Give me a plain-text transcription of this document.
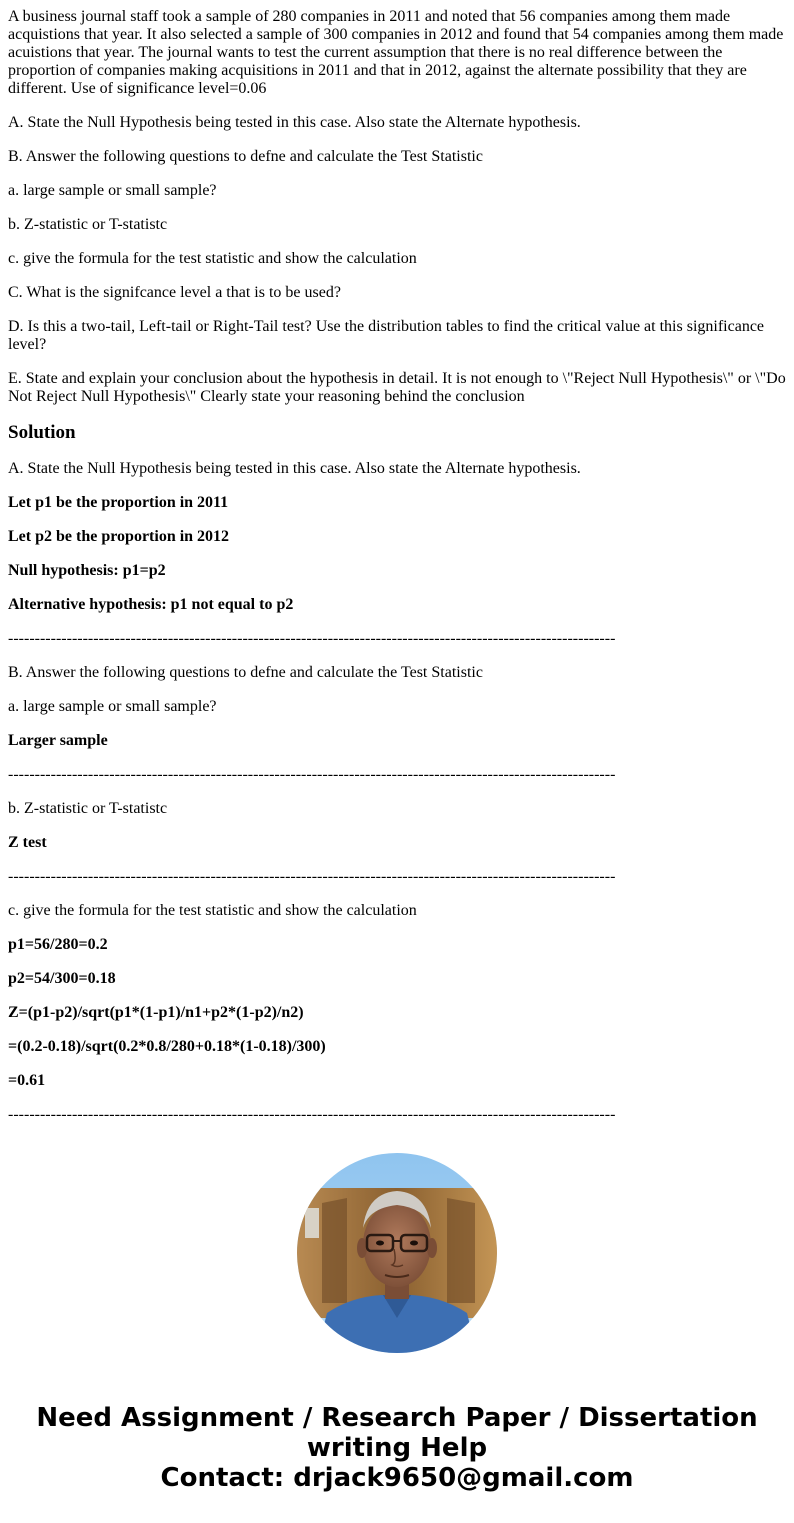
A business journal staff took a sample of 280 companies in 2011 and noted that 56 companies among them made acquistions that year. It also selected a sample of 300 companies in 2012 and found that 54 companies among them made acuistions that year. The journal wants to test the current assumption that there is no real difference between the proportion of companies making acquisitions in 2011 and that in 2012, against the alternate possibility that they are different. Use of significance level=0.06

A. State the Null Hypothesis being tested in this case. Also state the Alternate hypothesis.

B. Answer the following questions to defne and calculate the Test Statistic

a. large sample or small sample?

b. Z-statistic or T-statistc

c. give the formula for the test statistic and show the calculation

C. What is the signifcance level a that is to be used?

D. Is this a two-tail, Left-tail or Right-Tail test? Use the distribution tables to find the critical value at this significance level?

E. State and explain your conclusion about the hypothesis in detail. It is not enough to \"Reject Null Hypothesis\" or \"Do Not Reject Null Hypothesis\" Clearly state your reasoning behind the conclusion

Solution

A. State the Null Hypothesis being tested in this case. Also state the Alternate hypothesis.

Let p1 be the proportion in 2011

Let p2 be the proportion in 2012

Null hypothesis: p1=p2

Alternative hypothesis: p1 not equal to p2

------------------------------------------------------------------------------------------------------------------

B. Answer the following questions to defne and calculate the Test Statistic

a. large sample or small sample?

Larger sample

------------------------------------------------------------------------------------------------------------------

b. Z-statistic or T-statistc

Z test

------------------------------------------------------------------------------------------------------------------

c. give the formula for the test statistic and show the calculation

p1=56/280=0.2

p2=54/300=0.18

Z=(p1-p2)/sqrt(p1*(1-p1)/n1+p2*(1-p2)/n2)

=(0.2-0.18)/sqrt(0.2*0.8/280+0.18*(1-0.18)/300)

=0.61

------------------------------------------------------------------------------------------------------------------

Need Assignment / Research Paper / Dissertation
writing Help
Contact: drjack9650@gmail.com
